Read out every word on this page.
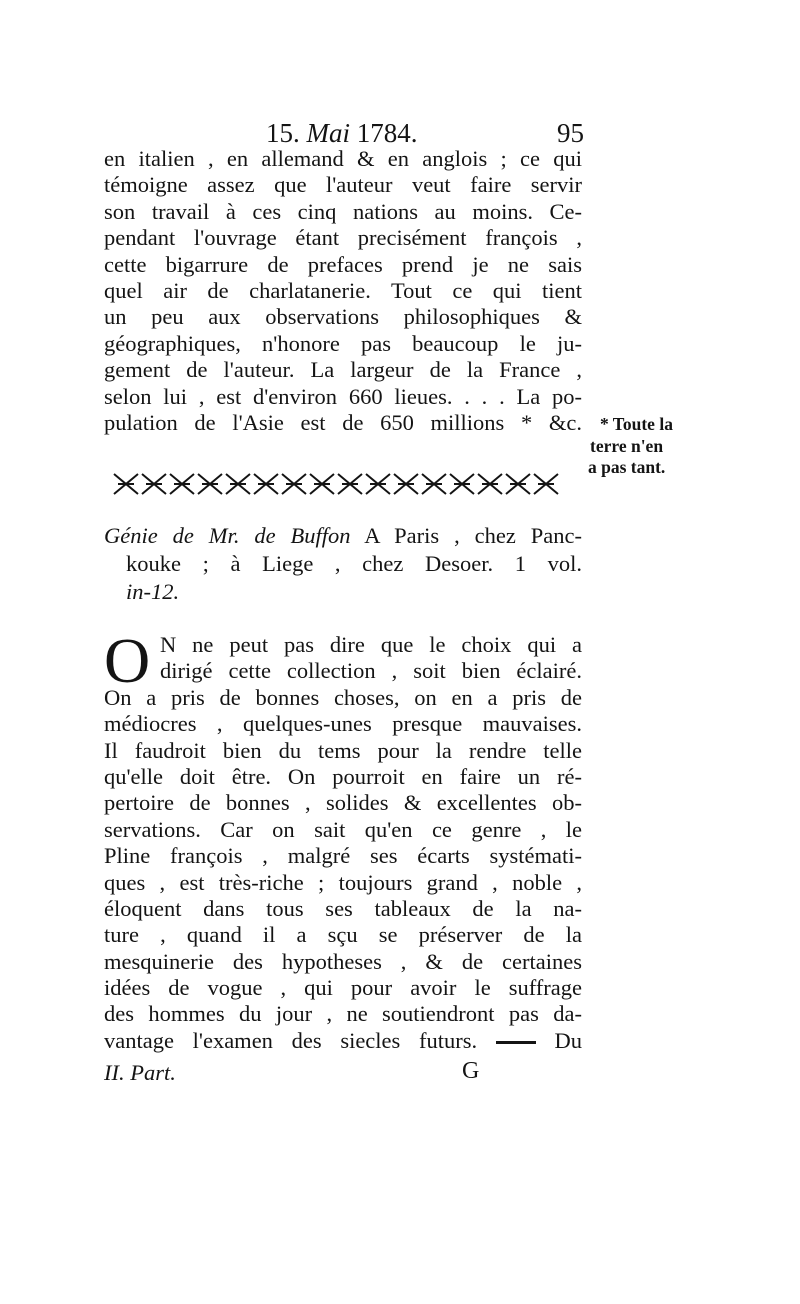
15. Mai 1784.	95
en italien , en allemand & en anglois ; ce qui
témoigne assez que l'auteur veut faire servir
son travail à ces cinq nations au moins. Ce-
pendant l'ouvrage étant precisément françois ,
cette bigarrure de prefaces prend je ne sais
quel air de charlatanerie. Tout ce qui tient
un peu aux observations philosophiques &
géographiques, n'honore pas beaucoup le ju-
gement de l'auteur. La largeur de la France ,
selon lui , est d'environ 660 lieues. . . . La po-
pulation de l'Asie est de 650 millions * &c.	* Toute la
terre n'en
a pas tant.
Génie de Mr. de Buffon A Paris , chez Panc-
kouke ; à Liege , chez Desoer. 1 vol.
in-12.
O N ne peut pas dire que le choix qui a
dirigé cette collection , soit bien éclairé.
On a pris de bonnes choses, on en a pris de
médiocres , quelques-unes presque mauvaises.
Il faudroit bien du tems pour la rendre telle
qu'elle doit être. On pourroit en faire un ré-
pertoire de bonnes , solides & excellentes ob-
servations. Car on sait qu'en ce genre , le
Pline françois , malgré ses écarts systémati-
ques , est très-riche ; toujours grand , noble ,
éloquent dans tous ses tableaux de la na-
ture , quand il a sçu se préserver de la
mesquinerie des hypotheses , & de certaines
idées de vogue , qui pour avoir le suffrage
des hommes du jour , ne soutiendront pas da-
vantage l'examen des siecles futurs.	Du
II. Part.	G
